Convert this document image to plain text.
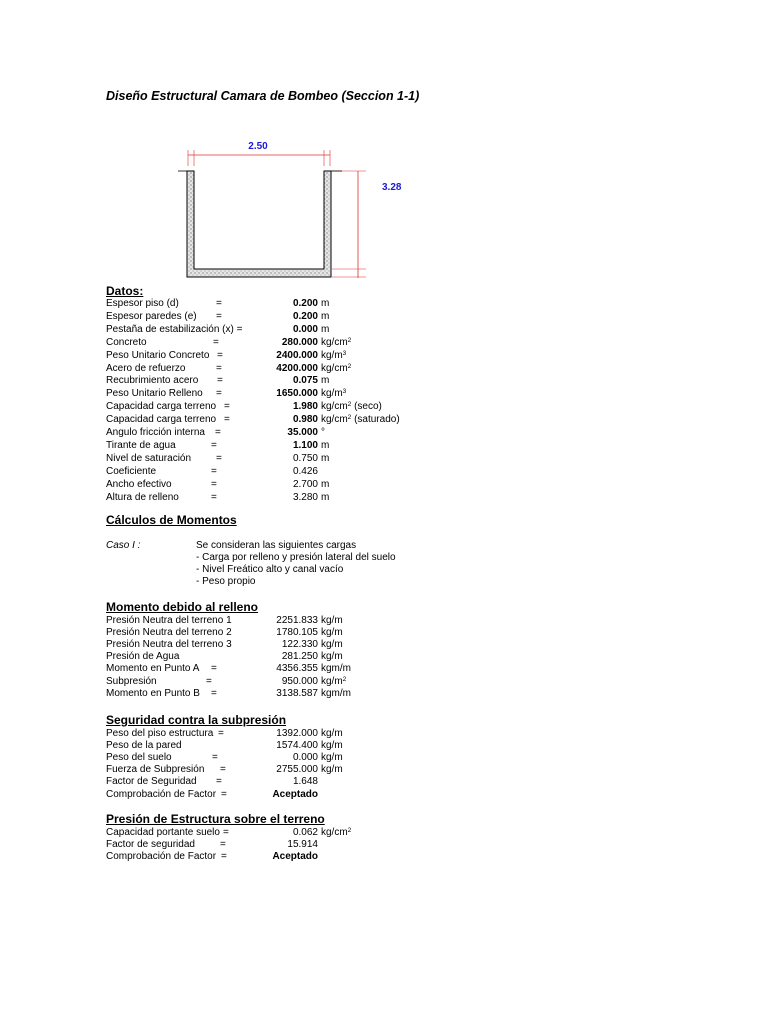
Diseño Estructural Camara de Bombeo (Seccion 1-1)
2.50
3.28
Datos:
Espesor piso (d)	=	0.200 m
Espesor paredes (e) =	0.200 m
Pestaña de estabilización (x) =	0.000 m
Concreto	=	280.000 $kg/cm^2$
Peso Unitario Concreto =	2400.000 $kg/m^3$
Acero de refuerzo	=	4200.000 $kg/cm^2$
Recubrimiento acero =	0.075 m
Peso Unitario Relleno =	1650.000 $kg/m^3$
Capacidad carga terreno =	1.980 $kg/cm^2$ (seco)
Capacidad carga terreno =	0.980 $kg/cm^2$ (saturado)
Angulo fricción interna =	35.000 °
Tirante de agua	=	1.100 m
Nivel de saturación =	0.750 m
Coeficiente	=	0.426
Ancho efectivo	=	2.700 m
Altura de relleno	=	3.280 m
Cálculos de Momentos
Caso I :	Se consideran las siguientes cargas
- Carga por relleno y presión lateral del suelo
- Nivel Freático alto y canal vacío
- Peso propio
Momento debido al relleno
Presión Neutra del terreno 1	2251.833 kg/m
Presión Neutra del terreno 2	1780.105 kg/m
Presión Neutra del terreno 3	122.330 kg/m
Presión de Agua	281.250 kg/m
Momento en Punto A =	4356.355 kgm/m
Subpresión	=	950.000 $kg/m^2$
Momento en Punto B =	3138.587 kgm/m
Seguridad contra la subpresión
Peso del piso estructura =	1392.000 kg/m
Peso de la pared	1574.400 kg/m
Peso del suelo	=	0.000 kg/m
Fuerza de Subpresión =	2755.000 kg/m
Factor de Seguridad =	1.648
Comprobación de Factor =	Aceptado
Presión de Estructura sobre el terreno
Capacidad portante suelo =	0.062 $kg/cm^2$
Factor de seguridad	=	15.914
Comprobación de Factor =	Aceptado
